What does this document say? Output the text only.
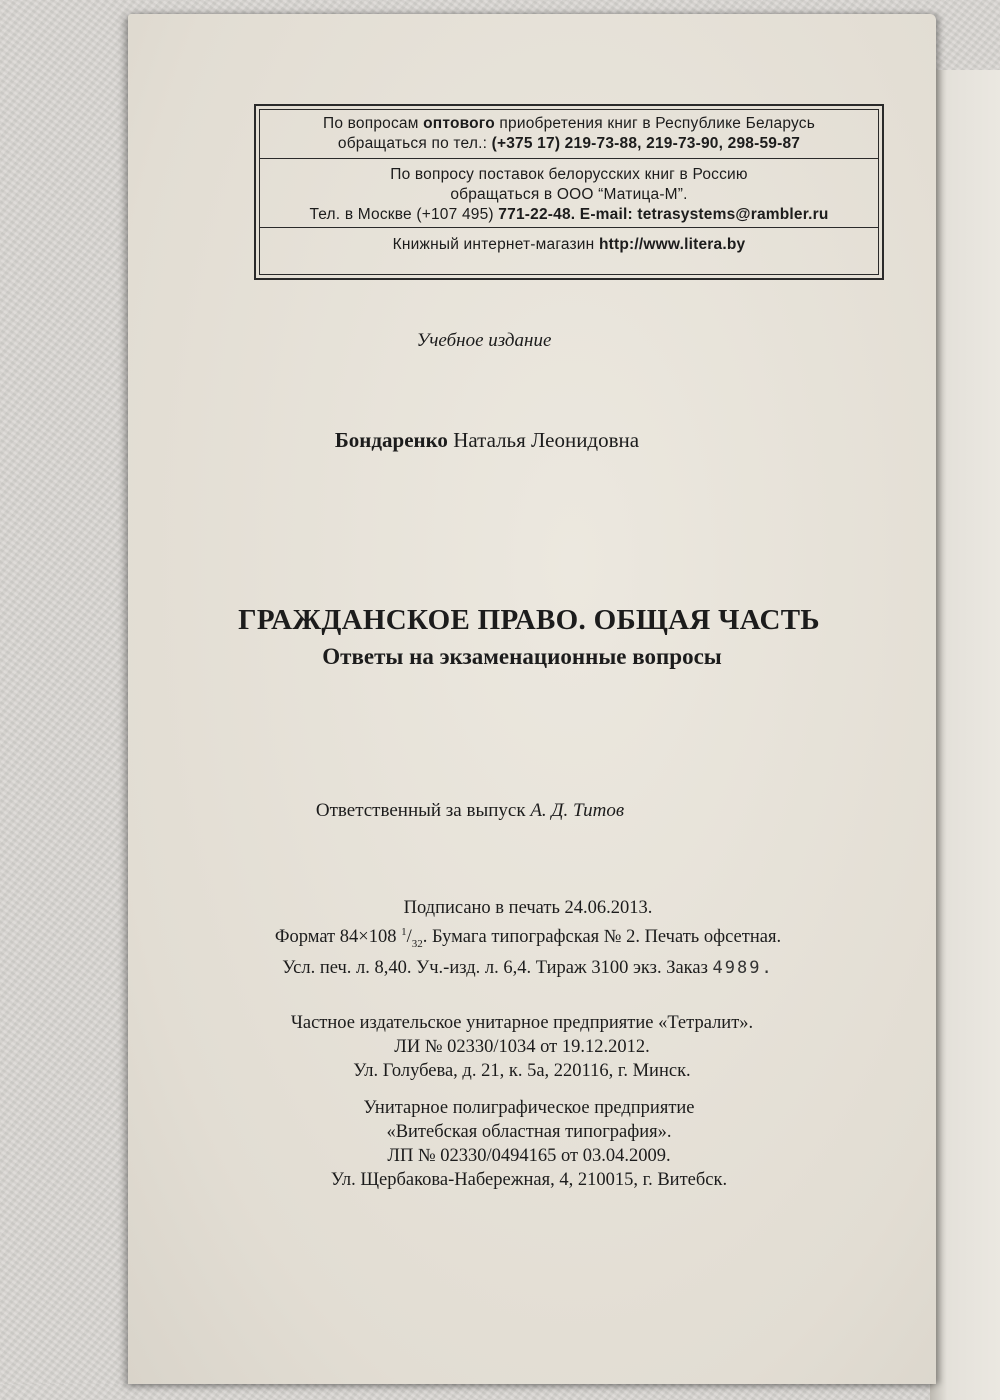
По вопросам оптового приобретения книг в Республике Беларусь
обращаться по тел.: (+375 17) 219-73-88, 219-73-90, 298-59-87
По вопросу поставок белорусских книг в Россию
обращаться в ООО “Матица-М”.
Тел. в Москве (+107 495) 771-22-48. E-mail: tetrasystems@rambler.ru
Книжный интернет-магазин http://www.litera.by
Учебное издание
Бондаренко Наталья Леонидовна
ГРАЖДАНСКОЕ ПРАВО. ОБЩАЯ ЧАСТЬ
Ответы на экзаменационные вопросы
Ответственный за выпуск А. Д. Титов
Подписано в печать 24.06.2013.
Формат 84×108 $^1/_{32}$. Бумага типографская № 2. Печать офсетная.
Усл. печ. л. 8,40. Уч.-изд. л. 6,4. Тираж 3100 экз. Заказ 4989.
Частное издательское унитарное предприятие «Тетралит».
ЛИ № 02330/1034 от 19.12.2012.
Ул. Голубева, д. 21, к. 5а, 220116, г. Минск.
Унитарное полиграфическое предприятие
«Витебская областная типография».
ЛП № 02330/0494165 от 03.04.2009.
Ул. Щербакова-Набережная, 4, 210015, г. Витебск.
